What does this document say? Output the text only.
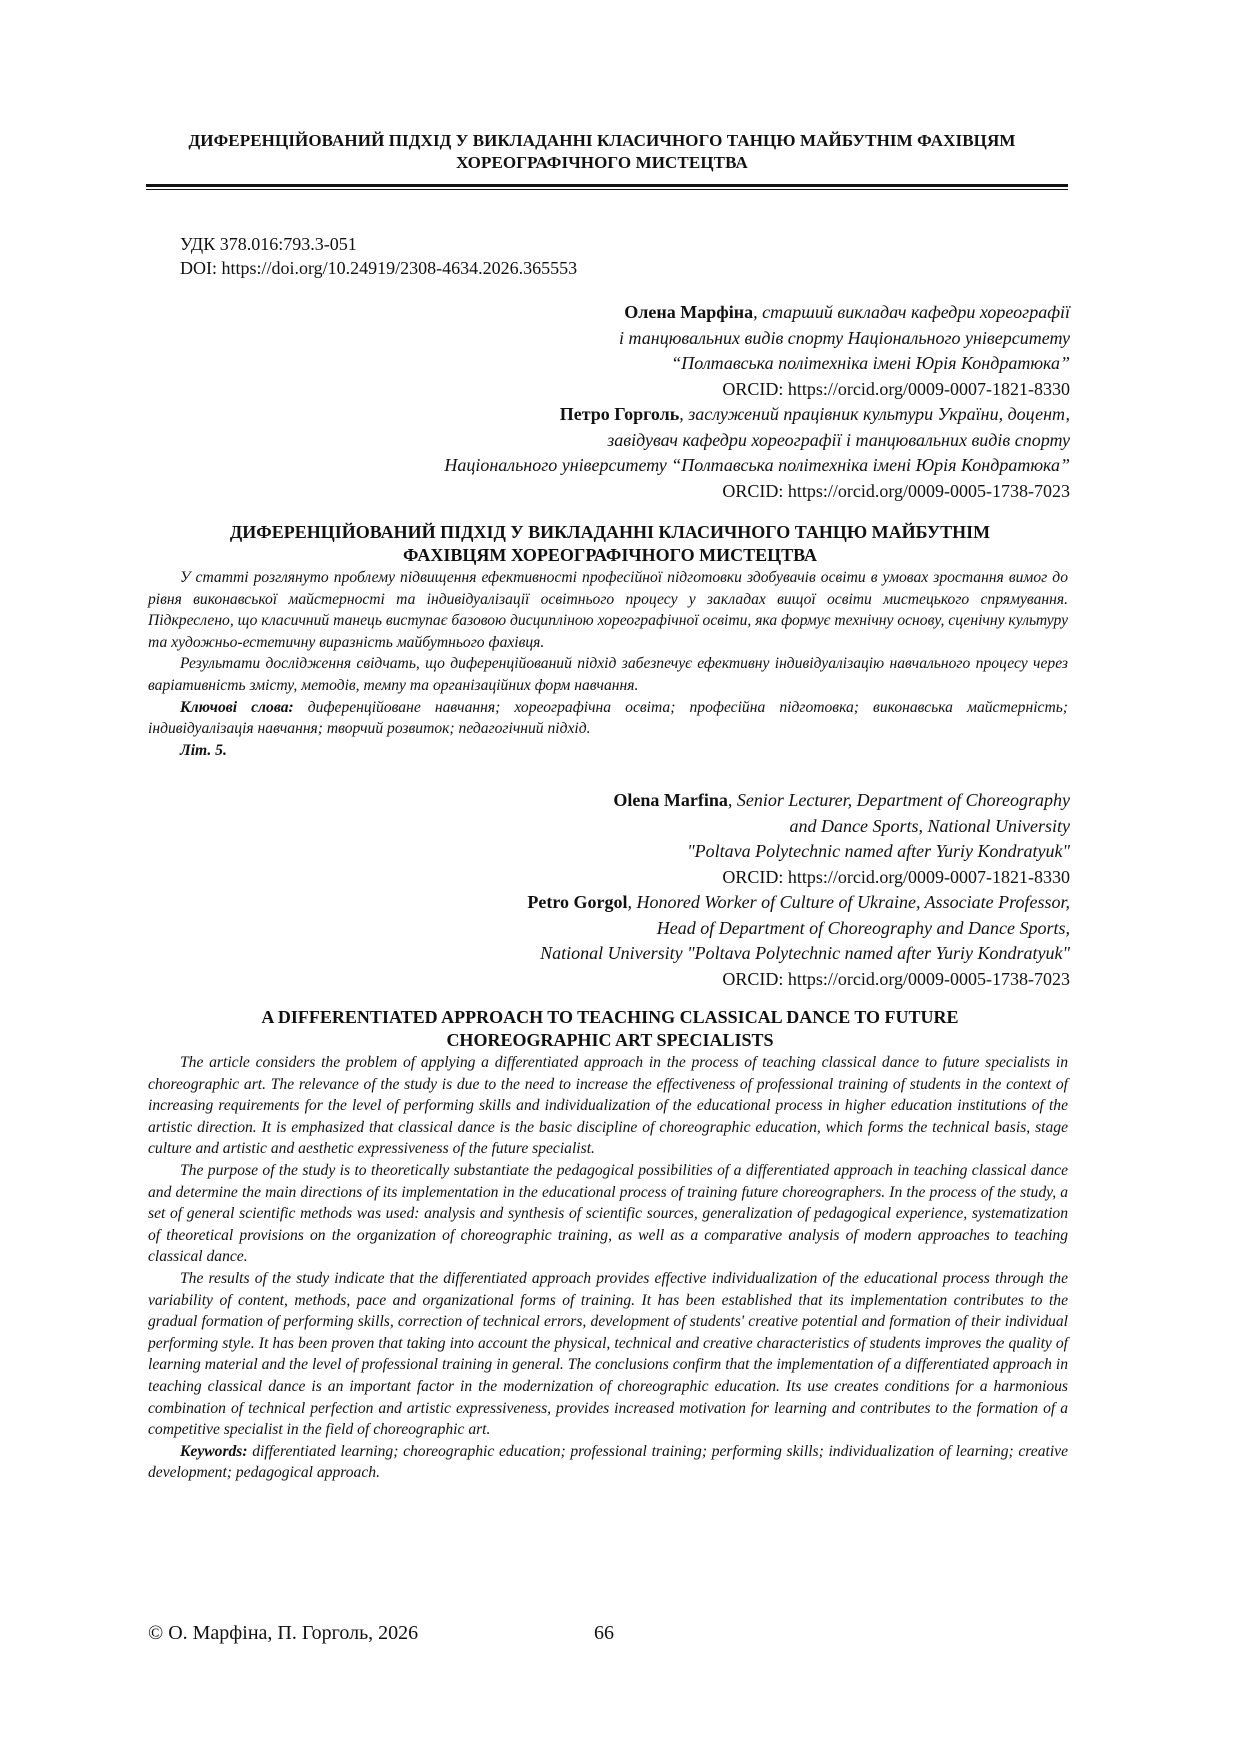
ДИФЕРЕНЦІЙОВАНИЙ ПІДХІД У ВИКЛАДАННІ КЛАСИЧНОГО ТАНЦЮ МАЙБУТНІМ ФАХІВЦЯМ
ХОРЕОГРАФІЧНОГО МИСТЕЦТВА
УДК 378.016:793.3-051
DOI: https://doi.org/10.24919/2308-4634.2026.365553
Олена Марфіна, старший викладач кафедри хореографії
і танцювальних видів спорту Національного університету
“Полтавська політехніка імені Юрія Кондратюка”
ORCID: https://orcid.org/0009-0007-1821-8330
Петро Горголь, заслужений працівник культури України, доцент,
завідувач кафедри хореографії і танцювальних видів спорту
Національного університету “Полтавська політехніка імені Юрія Кондратюка”
ORCID: https://orcid.org/0009-0005-1738-7023
ДИФЕРЕНЦІЙОВАНИЙ ПІДХІД У ВИКЛАДАННІ КЛАСИЧНОГО ТАНЦЮ МАЙБУТНІМ
ФАХІВЦЯМ ХОРЕОГРАФІЧНОГО МИСТЕЦТВА

У статті розглянуто проблему підвищення ефективності професійної підготовки здобувачів освіти в умовах зростання вимог до рівня виконавської майстерності та індивідуалізації освітнього процесу у закладах вищої освіти мистецького спрямування. Підкреслено, що класичний танець виступає базовою дисципліною хореографічної освіти, яка формує технічну основу, сценічну культуру та художньо-естетичну виразність майбутнього фахівця.

Результати дослідження свідчать, що диференційований підхід забезпечує ефективну індивідуалізацію навчального процесу через варіативність змісту, методів, темпу та організаційних форм навчання.

Ключові слова: диференційоване навчання; хореографічна освіта; професійна підготовка; виконавська майстерність; індивідуалізація навчання; творчий розвиток; педагогічний підхід.

Літ. 5.

Olena Marfina, Senior Lecturer, Department of Choreography
and Dance Sports, National University
"Poltava Polytechnic named after Yuriy Kondratyuk"
ORCID: https://orcid.org/0009-0007-1821-8330
Petro Gorgol, Honored Worker of Culture of Ukraine, Associate Professor,
Head of Department of Choreography and Dance Sports,
National University "Poltava Polytechnic named after Yuriy Kondratyuk"
ORCID: https://orcid.org/0009-0005-1738-7023
A DIFFERENTIATED APPROACH TO TEACHING CLASSICAL DANCE TO FUTURE
CHOREOGRAPHIC ART SPECIALISTS

The article considers the problem of applying a differentiated approach in the process of teaching classical dance to future specialists in choreographic art. The relevance of the study is due to the need to increase the effectiveness of professional training of students in the context of increasing requirements for the level of performing skills and individualization of the educational process in higher education institutions of the artistic direction. It is emphasized that classical dance is the basic discipline of choreographic education, which forms the technical basis, stage culture and artistic and aesthetic expressiveness of the future specialist.

The purpose of the study is to theoretically substantiate the pedagogical possibilities of a differentiated approach in teaching classical dance and determine the main directions of its implementation in the educational process of training future choreographers. In the process of the study, a set of general scientific methods was used: analysis and synthesis of scientific sources, generalization of pedagogical experience, systematization of theoretical provisions on the organization of choreographic training, as well as a comparative analysis of modern approaches to teaching classical dance.

The results of the study indicate that the differentiated approach provides effective individualization of the educational process through the variability of content, methods, pace and organizational forms of training. It has been established that its implementation contributes to the gradual formation of performing skills, correction of technical errors, development of students' creative potential and formation of their individual performing style. It has been proven that taking into account the physical, technical and creative characteristics of students improves the quality of learning material and the level of professional training in general. The conclusions confirm that the implementation of a differentiated approach in teaching classical dance is an important factor in the modernization of choreographic education. Its use creates conditions for a harmonious combination of technical perfection and artistic expressiveness, provides increased motivation for learning and contributes to the formation of a competitive specialist in the field of choreographic art.

Keywords: differentiated learning; choreographic education; professional training; performing skills; individualization of learning; creative development; pedagogical approach.

© О. Марфіна, П. Горголь, 2026	66
